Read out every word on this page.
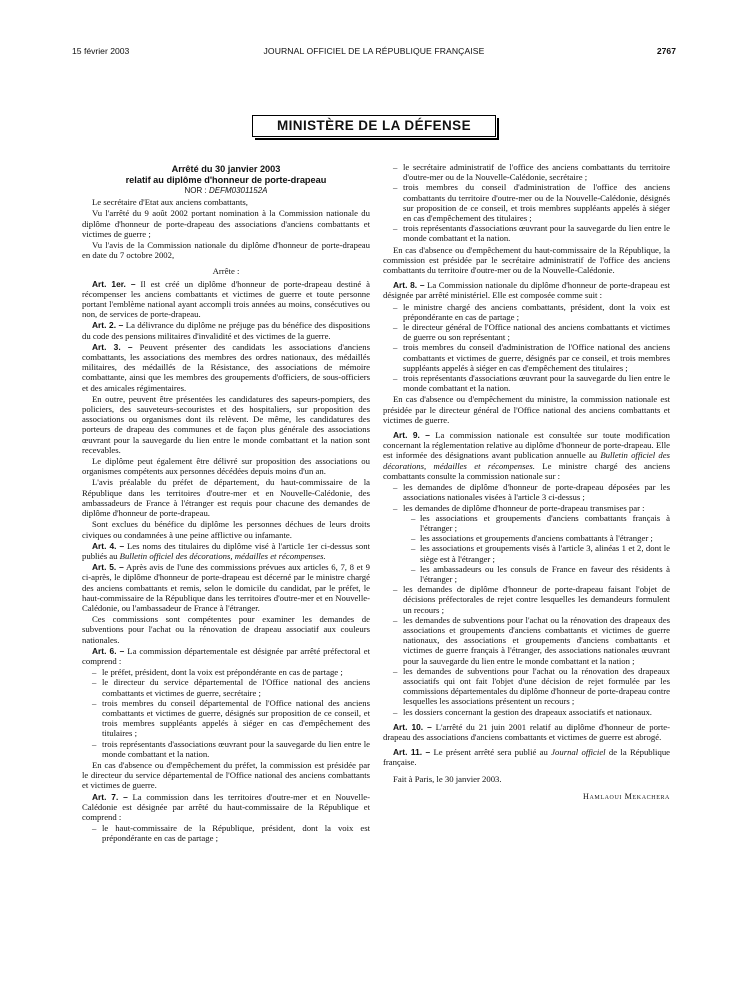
15 février 2003	JOURNAL OFFICIEL DE LA RÉPUBLIQUE FRANÇAISE	2767
MINISTÈRE DE LA DÉFENSE

Arrêté du 30 janvier 2003

relatif au diplôme d'honneur de porte-drapeau

NOR : DEFM0301152A

Le secrétaire d'Etat aux anciens combattants,

Vu l'arrêté du 9 août 2002 portant nomination à la Commission nationale du diplôme d'honneur de porte-drapeau des associations d'anciens combattants et victimes de guerre ;

Vu l'avis de la Commission nationale du diplôme d'honneur de porte-drapeau en date du 7 octobre 2002,

Arrête :

Art. 1er. – Il est créé un diplôme d'honneur de porte-drapeau destiné à récompenser les anciens combattants et victimes de guerre et toute personne portant l'emblème national ayant accompli trois années au moins, consécutives ou non, de services de porte-drapeau.

Art. 2. – La délivrance du diplôme ne préjuge pas du bénéfice des dispositions du code des pensions militaires d'invalidité et des victimes de la guerre.

Art. 3. – Peuvent présenter des candidats les associations d'anciens combattants, les associations des membres des ordres nationaux, des médaillés militaires, des médaillés de la Résistance, des associations de mémoire combattante, ainsi que les membres des groupements d'officiers, de sous-officiers et des amicales régimentaires.

En outre, peuvent être présentées les candidatures des sapeurs-pompiers, des policiers, des sauveteurs-secouristes et des hospitaliers, sur proposition des associations ou organismes dont ils relèvent. De même, les candidatures des porteurs de drapeau des communes et de façon plus générale des associations œuvrant pour la sauvegarde du lien entre le monde combattant et la nation sont recevables.

Le diplôme peut également être délivré sur proposition des associations ou organismes compétents aux personnes décédées depuis moins d'un an.

L'avis préalable du préfet de département, du haut-commissaire de la République dans les territoires d'outre-mer et en Nouvelle-Calédonie, des ambassadeurs de France à l'étranger est requis pour chacune des demandes de diplôme d'honneur de porte-drapeau.

Sont exclues du bénéfice du diplôme les personnes déchues de leurs droits civiques ou condamnées à une peine afflictive ou infamante.

Art. 4. – Les noms des titulaires du diplôme visé à l'article 1er ci-dessus sont publiés au Bulletin officiel des décorations, médailles et récompenses.

Art. 5. – Après avis de l'une des commissions prévues aux articles 6, 7, 8 et 9 ci-après, le diplôme d'honneur de porte-drapeau est décerné par le ministre chargé des anciens combattants et remis, selon le domicile du candidat, par le préfet, le haut-commissaire de la République dans les territoires d'outre-mer et en Nouvelle-Calédonie, ou l'ambassadeur de France à l'étranger.

Ces commissions sont compétentes pour examiner les demandes de subventions pour l'achat ou la rénovation de drapeau associatif aux couleurs nationales.

Art. 6. – La commission départementale est désignée par arrêté préfectoral et comprend :

– le préfet, président, dont la voix est prépondérante en cas de partage ;
– le directeur du service départemental de l'Office national des anciens combattants et victimes de guerre, secrétaire ;
– trois membres du conseil départemental de l'Office national des anciens combattants et victimes de guerre, désignés sur proposition de ce conseil, et trois membres suppléants appelés à siéger en cas d'empêchement des titulaires ;
– trois représentants d'associations œuvrant pour la sauvegarde du lien entre le monde combattant et la nation.

En cas d'absence ou d'empêchement du préfet, la commission est présidée par le directeur du service départemental de l'Office national des anciens combattants et victimes de guerre.

Art. 7. – La commission dans les territoires d'outre-mer et en Nouvelle-Calédonie est désignée par arrêté du haut-commissaire de la République et comprend :

– le haut-commissaire de la République, président, dont la voix est prépondérante en cas de partage ;
– le secrétaire administratif de l'office des anciens combattants du territoire d'outre-mer ou de la Nouvelle-Calédonie, secrétaire ;
– trois membres du conseil d'administration de l'office des anciens combattants du territoire d'outre-mer ou de la Nouvelle-Calédonie, désignés sur proposition de ce conseil, et trois membres suppléants appelés à siéger en cas d'empêchement des titulaires ;
– trois représentants d'associations œuvrant pour la sauvegarde du lien entre le monde combattant et la nation.

En cas d'absence ou d'empêchement du haut-commissaire de la République, la commission est présidée par le secrétaire administratif de l'office des anciens combattants du territoire d'outre-mer ou de la Nouvelle-Calédonie.

Art. 8. – La Commission nationale du diplôme d'honneur de porte-drapeau est désignée par arrêté ministériel. Elle est composée comme suit :

– le ministre chargé des anciens combattants, président, dont la voix est prépondérante en cas de partage ;
– le directeur général de l'Office national des anciens combattants et victimes de guerre ou son représentant ;
– trois membres du conseil d'administration de l'Office national des anciens combattants et victimes de guerre, désignés par ce conseil, et trois membres suppléants appelés à siéger en cas d'empêchement des titulaires ;
– trois représentants d'associations œuvrant pour la sauvegarde du lien entre le monde combattant et la nation.

En cas d'absence ou d'empêchement du ministre, la commission nationale est présidée par le directeur général de l'Office national des anciens combattants et victimes de guerre.

Art. 9. – La commission nationale est consultée sur toute modification concernant la réglementation relative au diplôme d'honneur de porte-drapeau. Elle est informée des désignations avant publication annuelle au Bulletin officiel des décorations, médailles et récompenses. Le ministre chargé des anciens combattants consulte la commission nationale sur :

– les demandes de diplôme d'honneur de porte-drapeau déposées par les associations nationales visées à l'article 3 ci-dessus ;
– les demandes de diplôme d'honneur de porte-drapeau transmises par :
– les associations et groupements d'anciens combattants français à l'étranger ;
– les associations et groupements d'anciens combattants à l'étranger ;
– les associations et groupements visés à l'article 3, alinéas 1 et 2, dont le siège est à l'étranger ;
– les ambassadeurs ou les consuls de France en faveur des résidents à l'étranger ;
– les demandes de diplôme d'honneur de porte-drapeau faisant l'objet de décisions préfectorales de rejet contre lesquelles les demandeurs formulent un recours ;
– les demandes de subventions pour l'achat ou la rénovation des drapeaux des associations et groupements d'anciens combattants et victimes de guerre nationaux, des associations et groupements d'anciens combattants et victimes de guerre français à l'étranger, des associations nationales œuvrant pour la sauvegarde du lien entre le monde combattant et la nation ;
– les demandes de subventions pour l'achat ou la rénovation des drapeaux associatifs qui ont fait l'objet d'une décision de rejet formulée par les commissions départementales du diplôme d'honneur de porte-drapeau contre lesquelles les associations présentent un recours ;
– les dossiers concernant la gestion des drapeaux associatifs et nationaux.

Art. 10. – L'arrêté du 21 juin 2001 relatif au diplôme d'honneur de porte-drapeau des associations d'anciens combattants et victimes de guerre est abrogé.

Art. 11. – Le présent arrêté sera publié au Journal officiel de la République française.

Fait à Paris, le 30 janvier 2003.

Hamlaoui Mekachera
